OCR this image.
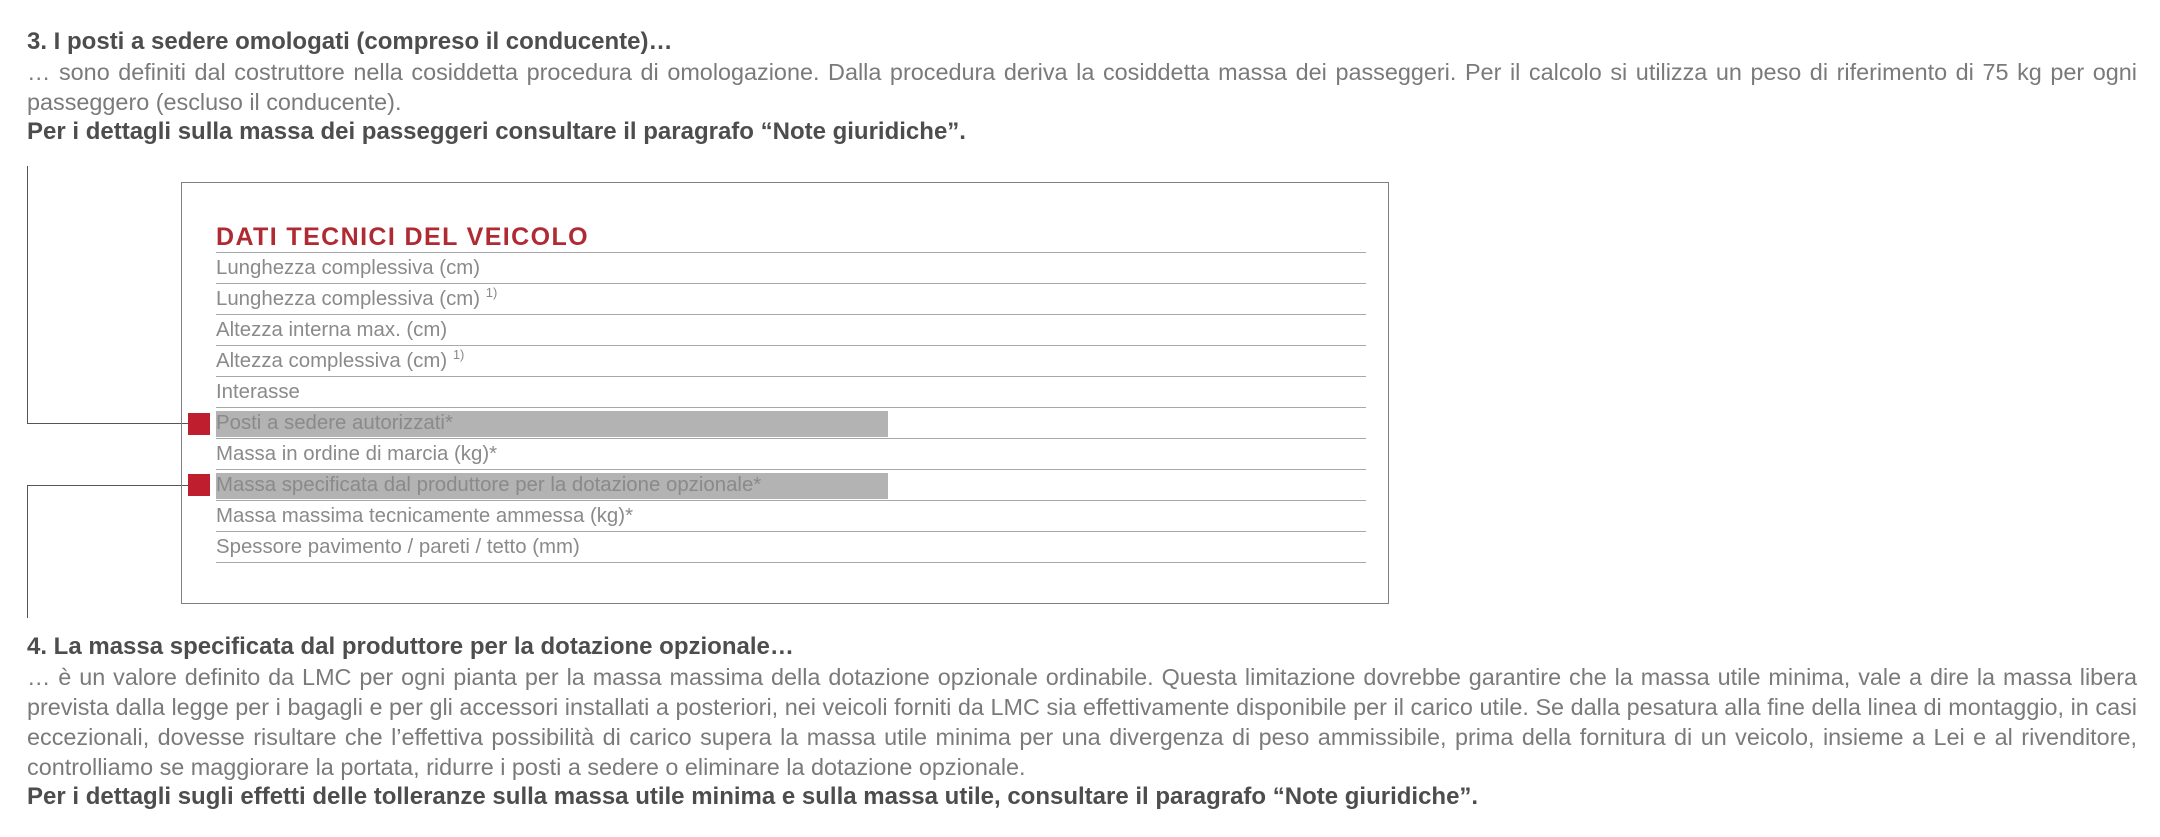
3. I posti a sedere omologati (compreso il conducente)…
… sono definiti dal costruttore nella cosiddetta procedura di omologazione. Dalla procedura deriva la cosiddetta massa dei passeggeri. Per il calcolo si utilizza un peso di riferimento di 75 kg per ogni passeggero (escluso il conducente).
Per i dettagli sulla massa dei passeggeri consultare il paragrafo “Note giuridiche”.
DATI TECNICI DEL VEICOLO
Lunghezza complessiva (cm)
Lunghezza complessiva (cm) $^{1)}$
Altezza interna max. (cm)
Altezza complessiva (cm) $^{1)}$
Interasse
Posti a sedere autorizzati*
Massa in ordine di marcia (kg)*
Massa specificata dal produttore per la dotazione opzionale*
Massa massima tecnicamente ammessa (kg)*
Spessore pavimento / pareti / tetto (mm)
4. La massa specificata dal produttore per la dotazione opzionale…
… è un valore definito da LMC per ogni pianta per la massa massima della dotazione opzionale ordinabile. Questa limitazione dovrebbe garantire che la massa utile minima, vale a dire la massa libera prevista dalla legge per i bagagli e per gli accessori installati a posteriori, nei veicoli forniti da LMC sia effettivamente disponibile per il carico utile. Se dalla pesatura alla fine della linea di montaggio, in casi eccezionali, dovesse risultare che l’effettiva possibilità di carico supera la massa utile minima per una divergenza di peso ammissibile, prima della fornitura di un veicolo, insieme a Lei e al rivenditore, controlliamo se maggiorare la portata, ridurre i posti a sedere o eliminare la dotazione opzionale.
Per i dettagli sugli effetti delle tolleranze sulla massa utile minima e sulla massa utile, consultare il paragrafo “Note giuridiche”.
